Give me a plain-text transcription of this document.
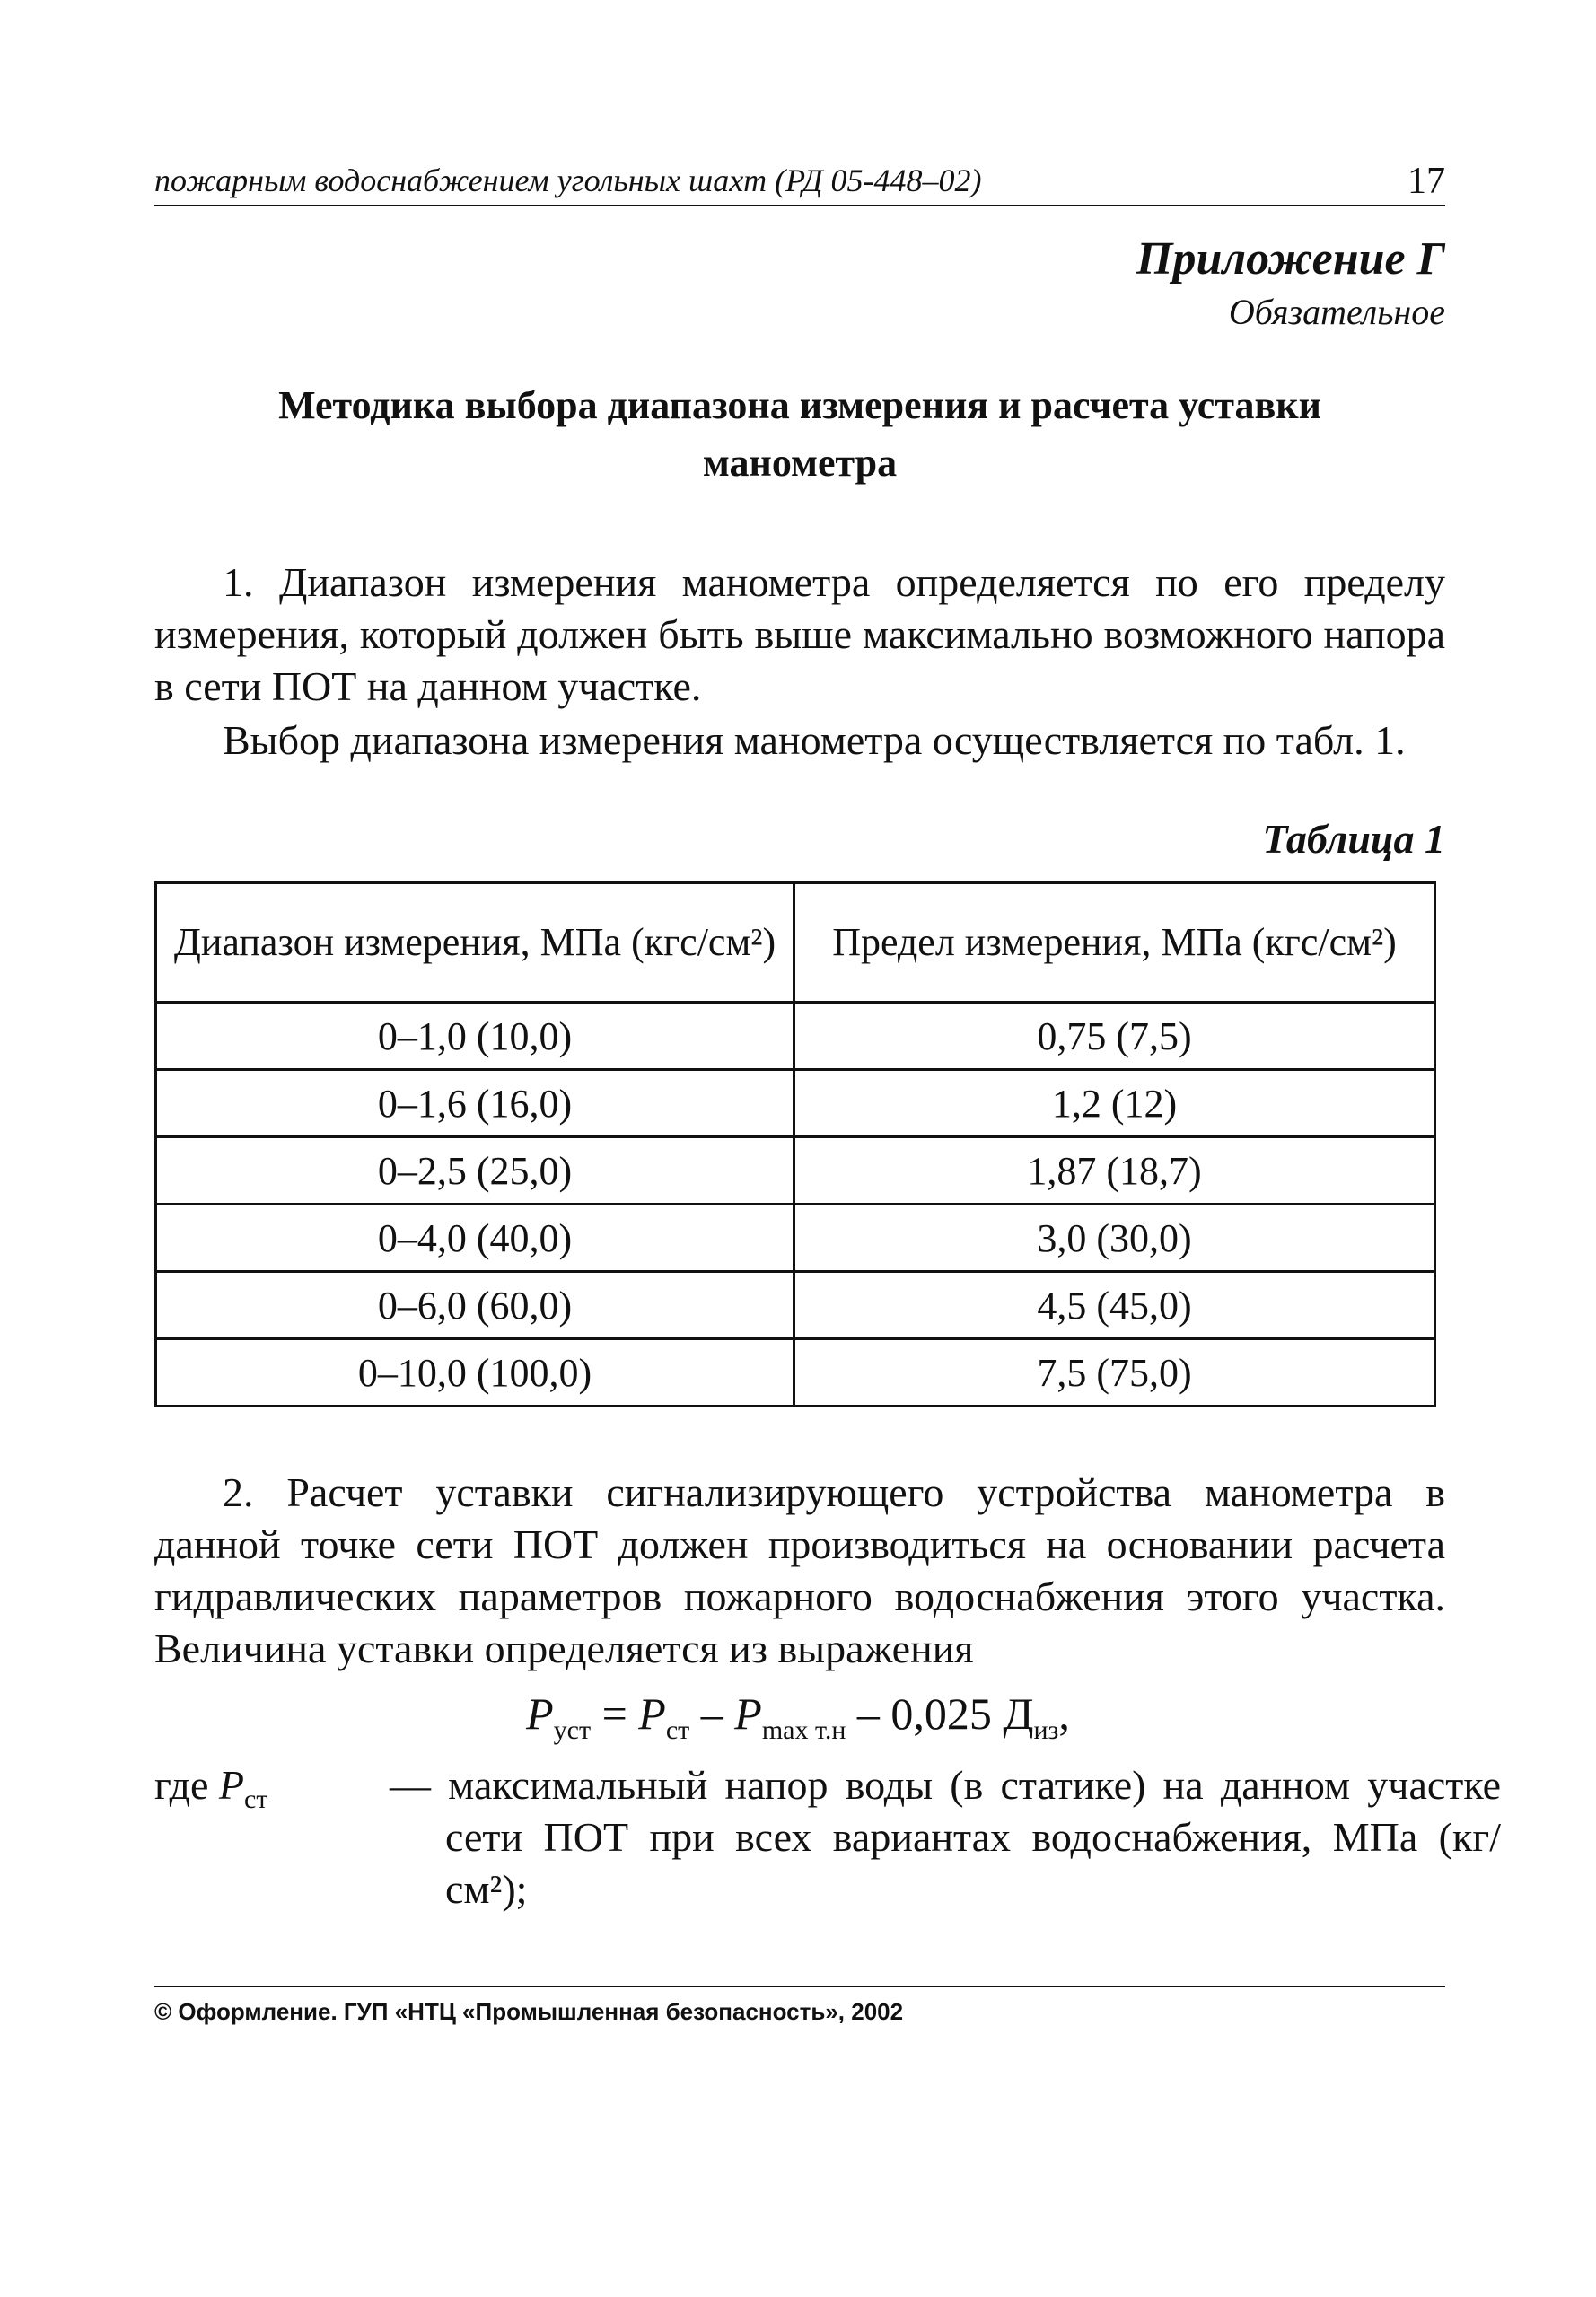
пожарным водоснабжением угольных шахт (РД 05-448–02)	17
Приложение Г
Обязательное
Методика выбора диапазона измерения и расчета уставки
манометра
1. Диапазон измерения манометра определяется по его пределу измерения, который должен быть выше максимально возможного напора в сети ПОТ на данном участке.
Выбор диапазона измерения манометра осуществляется по табл. 1.
Таблица 1
Диапазон измерения, МПа (кгс/см²)	Предел измерения, МПа (кгс/см²)
0–1,0 (10,0)	0,75 (7,5)
0–1,6 (16,0)	1,2 (12)
0–2,5 (25,0)	1,87 (18,7)
0–4,0 (40,0)	3,0 (30,0)
0–6,0 (60,0)	4,5 (45,0)
0–10,0 (100,0)	7,5 (75,0)
2. Расчет уставки сигнализирующего устройства манометра в данной точке сети ПОТ должен производиться на основании расчета гидравлических параметров пожарного водоснабжения этого участка. Величина уставки определяется из выражения
$P_{уст} = P_{ст} - P_{max т.н} - 0,025$ $Д_{из}$,
где $P_{ст}$	— максимальный напор воды (в статике) на данном участке сети ПОТ при всех вариантах водоснабжения, МПа (кг/см²);
© Оформление. ГУП «НТЦ «Промышленная безопасность», 2002
